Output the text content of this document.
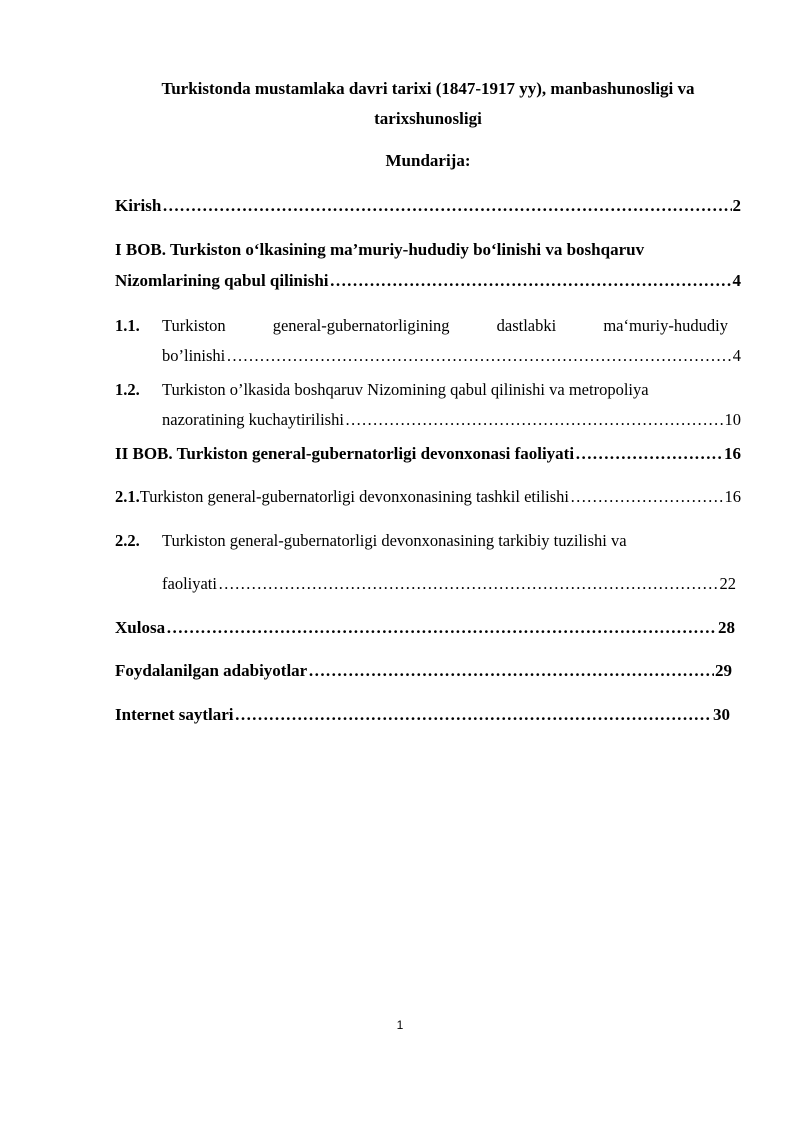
Turkistonda mustamlaka davri tarixi (1847-1917 yy), manbashunosligi va tarixshunosligi
Mundarija:
Kirish ………………………………………………………………………………………………………………………………………………………………………………………………	2
I BOB. Turkiston o‘lkasining ma’muriy-hududiy bo‘linishi va boshqaruv
Nizomlarining qabul qilinishi ………………………………………………………………………………………………………………………………………………………………………………………………	4
1.1. Turkiston	general-gubernatorligining	dastlabki	ma‘muriy-hududiy
bo’linishi ………………………………………………………………………………………………………………………………………………………………………………………………	4
1.2.	Turkiston o’lkasida boshqaruv Nizomining qabul qilinishi va metropoliya
nazoratining kuchaytirilishi ………………………………………………………………………………………………………………………………………………………………………………………………	10
II BOB. Turkiston general-gubernatorligi devonxonasi faoliyati ………………………………………………………………………………………………………………………………………………………………………………………………	16
2.1. Turkiston general-gubernatorligi devonxonasining tashkil etilishi ………………………………………………………………………………………………………………………………………………………………………………………………	16
2.2.	Turkiston general-gubernatorligi devonxonasining tarkibiy tuzilishi va
faoliyati ………………………………………………………………………………………………………………………………………………………………………………………………	22
Xulosa ………………………………………………………………………………………………………………………………………………………………………………………………	28
Foydalanilgan adabiyotlar ………………………………………………………………………………………………………………………………………………………………………………………………	29
Internet saytlari ………………………………………………………………………………………………………………………………………………………………………………………………	30
1
